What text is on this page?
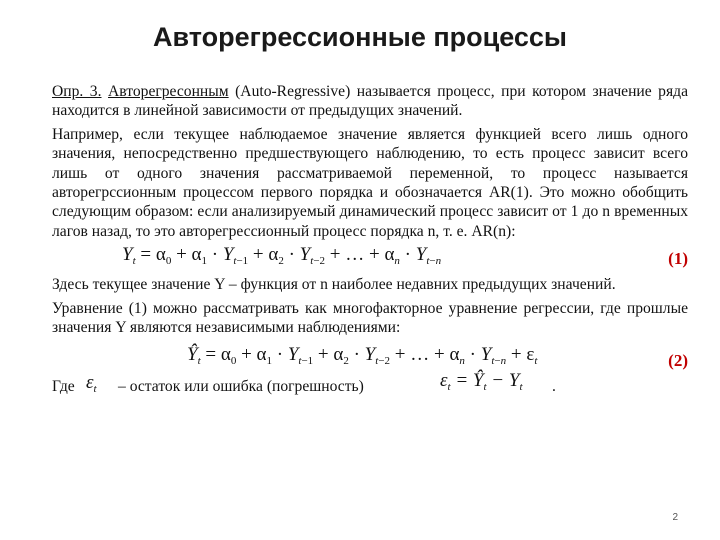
Авторегрессионные процессы

Опр. 3. Авторегресонным (Auto-Regressive) называется процесс, при котором значение ряда находится в линейной зависимости от предыдущих значений.

Например, если текущее наблюдаемое значение является функцией всего лишь одного значения, непосредственно предшествующего наблюдению, то есть процесс зависит всего лишь от одного значения рассматриваемой переменной, то процесс называется авторегрссионным процессом первого порядка и обозначается AR(1). Это можно обобщить следующим образом: если анализируемый динамический процесс зависит от 1 до n временных лагов назад, то это авторегрессионный процесс порядка n, т. е. AR(n):

$Y_t = \alpha_0 + \alpha_1 \cdot Y_{t-1} + \alpha_2 \cdot Y_{t-2}$ + … + $\alpha_n \cdot Y_{t-n}$	(1)

Здесь текущее значение Y – функция от n наиболее недавних предыдущих значений.

Уравнение (1) можно рассматривать как многофакторное уравнение регрессии, где прошлые значения Y являются независимыми наблюдениями:

$Ŷ_t = \alpha_0 + \alpha_1 \cdot Y_{t-1} + \alpha_2 \cdot Y_{t-2}$ + … + $\alpha_n \cdot Y_{t-n} + \varepsilon_t$	(2)
Где $\varepsilon_t$ – остаток или ошибка (погрешность)	$\varepsilon_t$ = $Ŷ_t - Y_t$ .
2
